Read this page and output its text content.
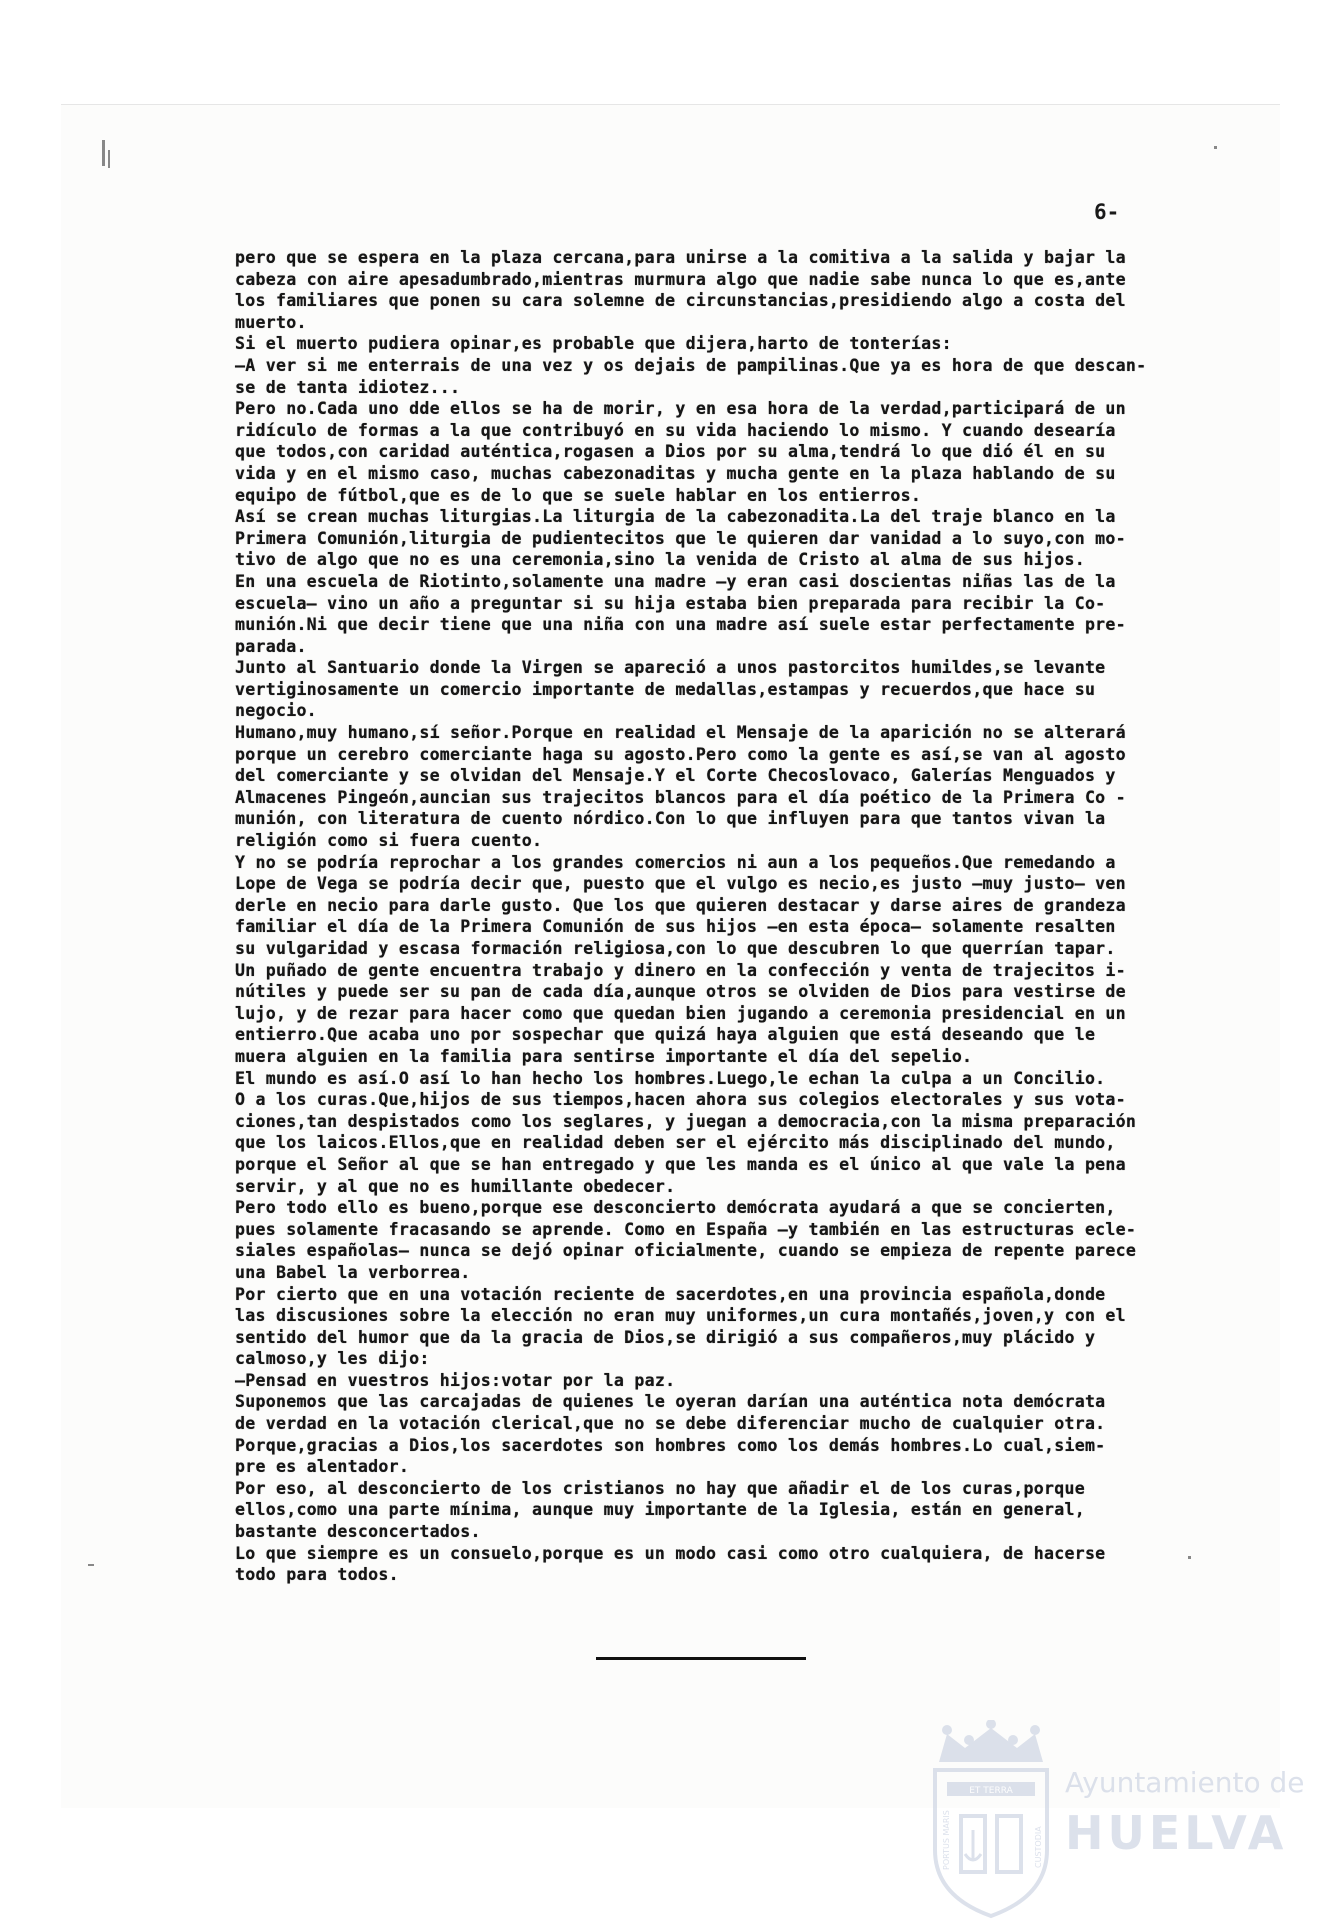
6-
pero que se espera en la plaza cercana,para unirse a la comitiva a la salida y bajar la
cabeza con aire apesadumbrado,mientras murmura algo que nadie sabe nunca lo que es,ante
los familiares que ponen su cara solemne de circunstancias,presidiendo algo a costa del
muerto.
Si el muerto pudiera opinar,es probable que dijera,harto de tonterías:
—A ver si me enterrais de una vez y os dejais de pampilinas.Que ya es hora de que descan-
se de tanta idiotez...
Pero no.Cada uno dde ellos se ha de morir, y en esa hora de la verdad,participará de un
ridículo de formas a la que contribuyó en su vida haciendo lo mismo. Y cuando desearía
que todos,con caridad auténtica,rogasen a Dios por su alma,tendrá lo que dió él en su
vida y en el mismo caso, muchas cabezonaditas y mucha gente en la plaza hablando de su
equipo de fútbol,que es de lo que se suele hablar en los entierros.
Así se crean muchas liturgias.La liturgia de la cabezonadita.La del traje blanco en la
Primera Comunión,liturgia de pudientecitos que le quieren dar vanidad a lo suyo,con mo-
tivo de algo que no es una ceremonia,sino la venida de Cristo al alma de sus hijos.
En una escuela de Riotinto,solamente una madre —y eran casi doscientas niñas las de la
escuela— vino un año a preguntar si su hija estaba bien preparada para recibir la Co-
munión.Ni que decir tiene que una niña con una madre así suele estar perfectamente pre-
parada.
Junto al Santuario donde la Virgen se apareció a unos pastorcitos humildes,se levante
vertiginosamente un comercio importante de medallas,estampas y recuerdos,que hace su
negocio.
Humano,muy humano,sí señor.Porque en realidad el Mensaje de la aparición no se alterará
porque un cerebro comerciante haga su agosto.Pero como la gente es así,se van al agosto
del comerciante y se olvidan del Mensaje.Y el Corte Checoslovaco, Galerías Menguados y
Almacenes Pingeón,auncian sus trajecitos blancos para el día poético de la Primera Co -
munión, con literatura de cuento nórdico.Con lo que influyen para que tantos vivan la
religión como si fuera cuento.
Y no se podría reprochar a los grandes comercios ni aun a los pequeños.Que remedando a
Lope de Vega se podría decir que, puesto que el vulgo es necio,es justo —muy justo— ven
derle en necio para darle gusto. Que los que quieren destacar y darse aires de grandeza
familiar el día de la Primera Comunión de sus hijos —en esta época— solamente resalten
su vulgaridad y escasa formación religiosa,con lo que descubren lo que querrían tapar.
Un puñado de gente encuentra trabajo y dinero en la confección y venta de trajecitos i-
nútiles y puede ser su pan de cada día,aunque otros se olviden de Dios para vestirse de
lujo, y de rezar para hacer como que quedan bien jugando a ceremonia presidencial en un
entierro.Que acaba uno por sospechar que quizá haya alguien que está deseando que le
muera alguien en la familia para sentirse importante el día del sepelio.
El mundo es así.O así lo han hecho los hombres.Luego,le echan la culpa a un Concilio.
O a los curas.Que,hijos de sus tiempos,hacen ahora sus colegios electorales y sus vota-
ciones,tan despistados como los seglares, y juegan a democracia,con la misma preparación
que los laicos.Ellos,que en realidad deben ser el ejército más disciplinado del mundo,
porque el Señor al que se han entregado y que les manda es el único al que vale la pena
servir, y al que no es humillante obedecer.
Pero todo ello es bueno,porque ese desconcierto demócrata ayudará a que se concierten,
pues solamente fracasando se aprende. Como en España —y también en las estructuras ecle-
siales españolas— nunca se dejó opinar oficialmente, cuando se empieza de repente parece
una Babel la verborrea.
Por cierto que en una votación reciente de sacerdotes,en una provincia española,donde
las discusiones sobre la elección no eran muy uniformes,un cura montañés,joven,y con el
sentido del humor que da la gracia de Dios,se dirigió a sus compañeros,muy plácido y
calmoso,y les dijo:
—Pensad en vuestros hijos:votar por la paz.
Suponemos que las carcajadas de quienes le oyeran darían una auténtica nota demócrata
de verdad en la votación clerical,que no se debe diferenciar mucho de cualquier otra.
Porque,gracias a Dios,los sacerdotes son hombres como los demás hombres.Lo cual,siem-
pre es alentador.
Por eso, al desconcierto de los cristianos no hay que añadir el de los curas,porque
ellos,como una parte mínima, aunque muy importante de la Iglesia, están en general,
bastante desconcertados.
Lo que siempre es un consuelo,porque es un modo casi como otro cualquiera, de hacerse
todo para todos.
ET TERRA
PORTUS MARIS	CUSTODIA
Ayuntamiento de
HUELVA
